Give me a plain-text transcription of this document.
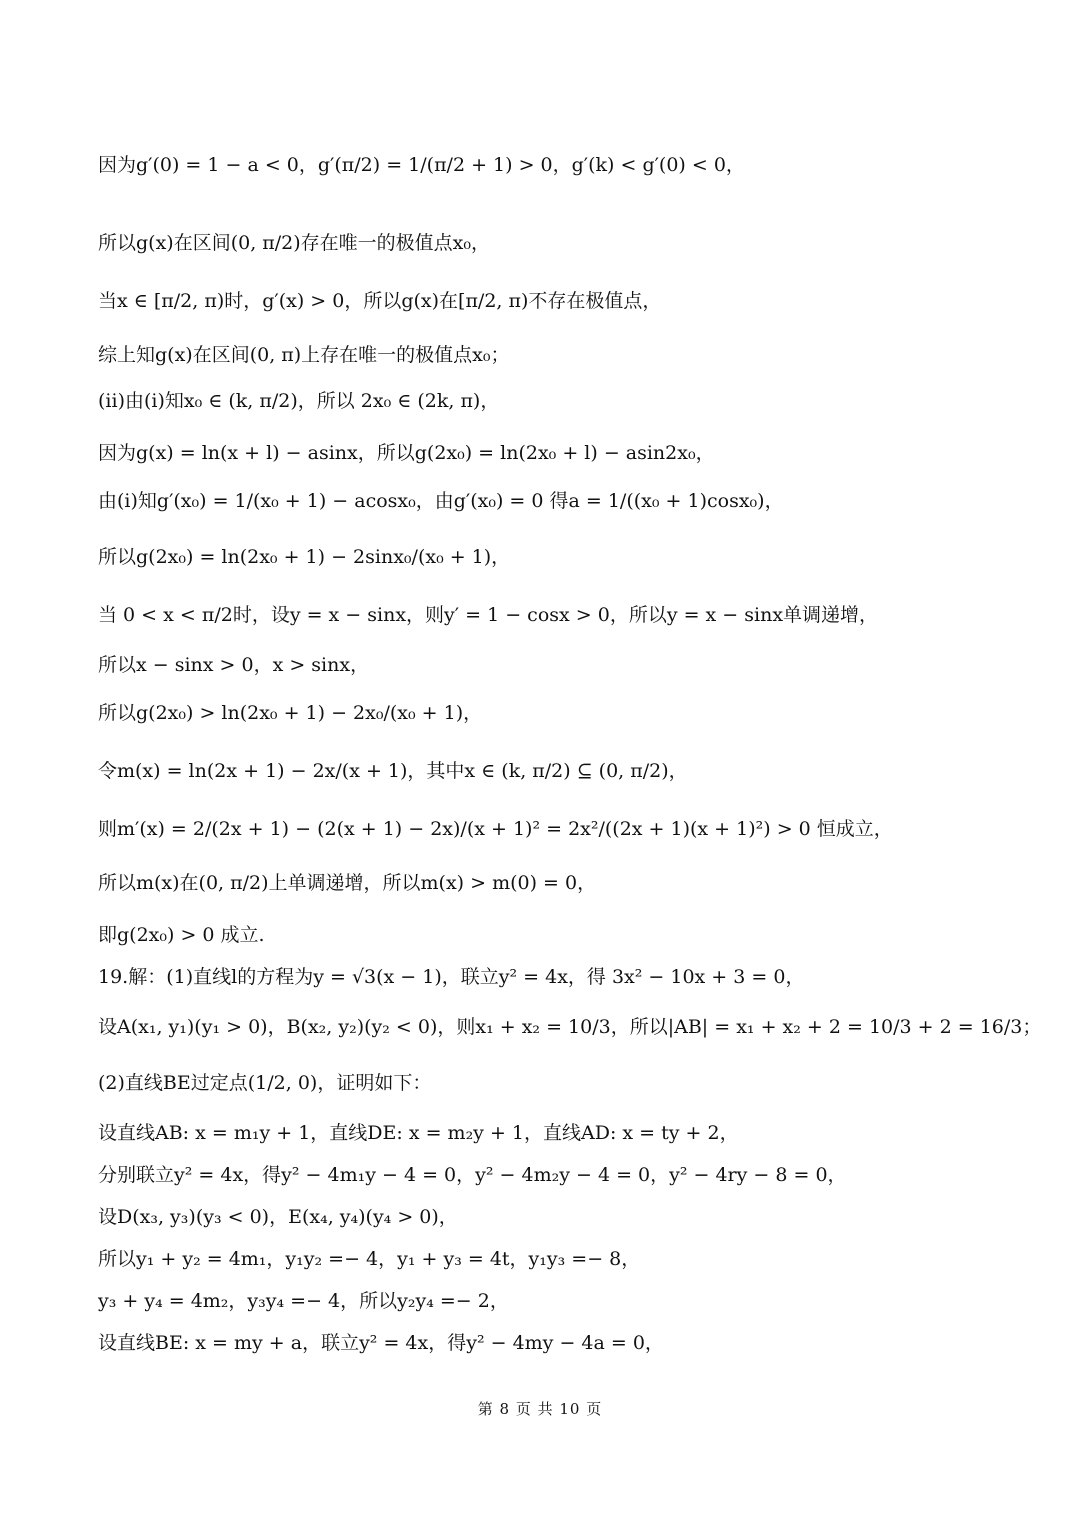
因为g′(0) = 1 − a < 0，g′(π/2) = 1/(π/2 + 1) > 0，g′(k) < g′(0) < 0，
所以g(x)在区间(0, π/2)存在唯一的极值点x₀，
当x ∈ [π/2, π)时，g′(x) > 0，所以g(x)在[π/2, π)不存在极值点，
综上知g(x)在区间(0, π)上存在唯一的极值点x₀；
(ii)由(i)知x₀ ∈ (k, π/2)，所以 2x₀ ∈ (2k, π)，
因为g(x) = ln(x + l) − asinx，所以g(2x₀) = ln(2x₀ + l) − asin2x₀，
由(i)知g′(x₀) = 1/(x₀ + 1) − acosx₀，由g′(x₀) = 0 得a = 1/((x₀ + 1)cosx₀)，
所以g(2x₀) = ln(2x₀ + 1) − 2sinx₀/(x₀ + 1)，
当 0 < x < π/2时，设y = x − sinx，则y′ = 1 − cosx > 0，所以y = x − sinx单调递增，
所以x − sinx > 0，x > sinx，
所以g(2x₀) > ln(2x₀ + 1) − 2x₀/(x₀ + 1)，
令m(x) = ln(2x + 1) − 2x/(x + 1)，其中x ∈ (k, π/2) ⊆ (0, π/2)，
则m′(x) = 2/(2x + 1) − (2(x + 1) − 2x)/(x + 1)² = 2x²/((2x + 1)(x + 1)²) > 0 恒成立，
所以m(x)在(0, π/2)上单调递增，所以m(x) > m(0) = 0，
即g(2x₀) > 0 成立.
19.解：(1)直线l的方程为y = √3(x − 1)，联立y² = 4x，得 3x² − 10x + 3 = 0，
设A(x₁, y₁)(y₁ > 0)，B(x₂, y₂)(y₂ < 0)，则x₁ + x₂ = 10/3，所以|AB| = x₁ + x₂ + 2 = 10/3 + 2 = 16/3；
(2)直线BE过定点(1/2, 0)，证明如下：
设直线AB: x = m₁y + 1，直线DE: x = m₂y + 1，直线AD: x = ty + 2，
分别联立y² = 4x，得y² − 4m₁y − 4 = 0，y² − 4m₂y − 4 = 0，y² − 4ry − 8 = 0，
设D(x₃, y₃)(y₃ < 0)，E(x₄, y₄)(y₄ > 0)，
所以y₁ + y₂ = 4m₁，y₁y₂ =− 4，y₁ + y₃ = 4t，y₁y₃ =− 8，
y₃ + y₄ = 4m₂，y₃y₄ =− 4，所以y₂y₄ =− 2，
设直线BE: x = my + a，联立y² = 4x，得y² − 4my − 4a = 0，
第 8 页 共 10 页
